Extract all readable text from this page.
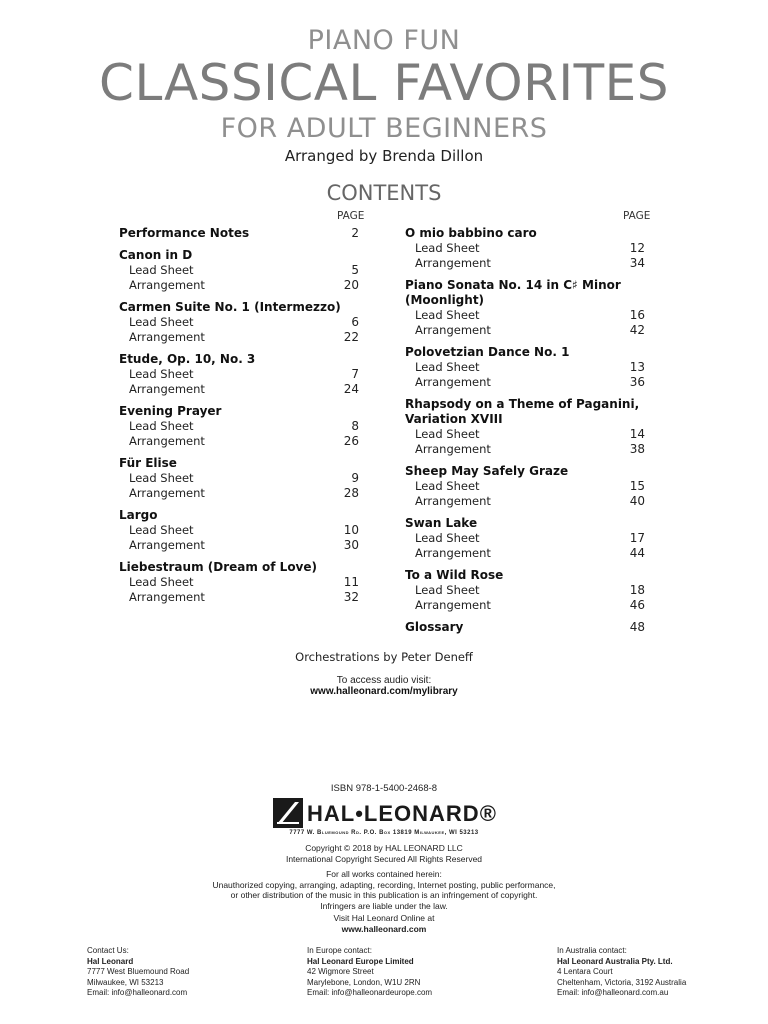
PIANO FUN
CLASSICAL FAVORITES
FOR ADULT BEGINNERS
Arranged by Brenda Dillon
CONTENTS
PAGE	PAGE
Performance Notes	2
Canon in D
Lead Sheet	5
Arrangement	20
Carmen Suite No. 1 (Intermezzo)
Lead Sheet	6
Arrangement	22
Etude, Op. 10, No. 3
Lead Sheet	7
Arrangement	24
Evening Prayer
Lead Sheet	8
Arrangement	26
Für Elise
Lead Sheet	9
Arrangement	28
Largo
Lead Sheet	10
Arrangement	30
Liebestraum (Dream of Love)
Lead Sheet	11
Arrangement	32
O mio babbino caro
Lead Sheet	12
Arrangement	34
Piano Sonata No. 14 in C♯ Minor (Moonlight)
Lead Sheet	16
Arrangement	42
Polovetzian Dance No. 1
Lead Sheet	13
Arrangement	36
Rhapsody on a Theme of Paganini, Variation XVIII
Lead Sheet	14
Arrangement	38
Sheep May Safely Graze
Lead Sheet	15
Arrangement	40
Swan Lake
Lead Sheet	17
Arrangement	44
To a Wild Rose
Lead Sheet	18
Arrangement	46
Glossary	48
Orchestrations by Peter Deneff
To access audio visit:
www.halleonard.com/mylibrary
ISBN 978-1-5400-2468-8
HAL•LEONARD®
7777 W. Bluemound Rd. P.O. Box 13819 Milwaukee, WI 53213
Copyright © 2018 by HAL LEONARD LLC
International Copyright Secured All Rights Reserved
For all works contained herein:
Unauthorized copying, arranging, adapting, recording, Internet posting, public performance,
or other distribution of the music in this publication is an infringement of copyright.
Infringers are liable under the law.
Visit Hal Leonard Online at
www.halleonard.com
Contact Us:
Hal Leonard
7777 West Bluemound Road
Milwaukee, WI 53213
Email: info@halleonard.com
In Europe contact:
Hal Leonard Europe Limited
42 Wigmore Street
Marylebone, London, W1U 2RN
Email: info@halleonardeurope.com
In Australia contact:
Hal Leonard Australia Pty. Ltd.
4 Lentara Court
Cheltenham, Victoria, 3192 Australia
Email: info@halleonard.com.au
